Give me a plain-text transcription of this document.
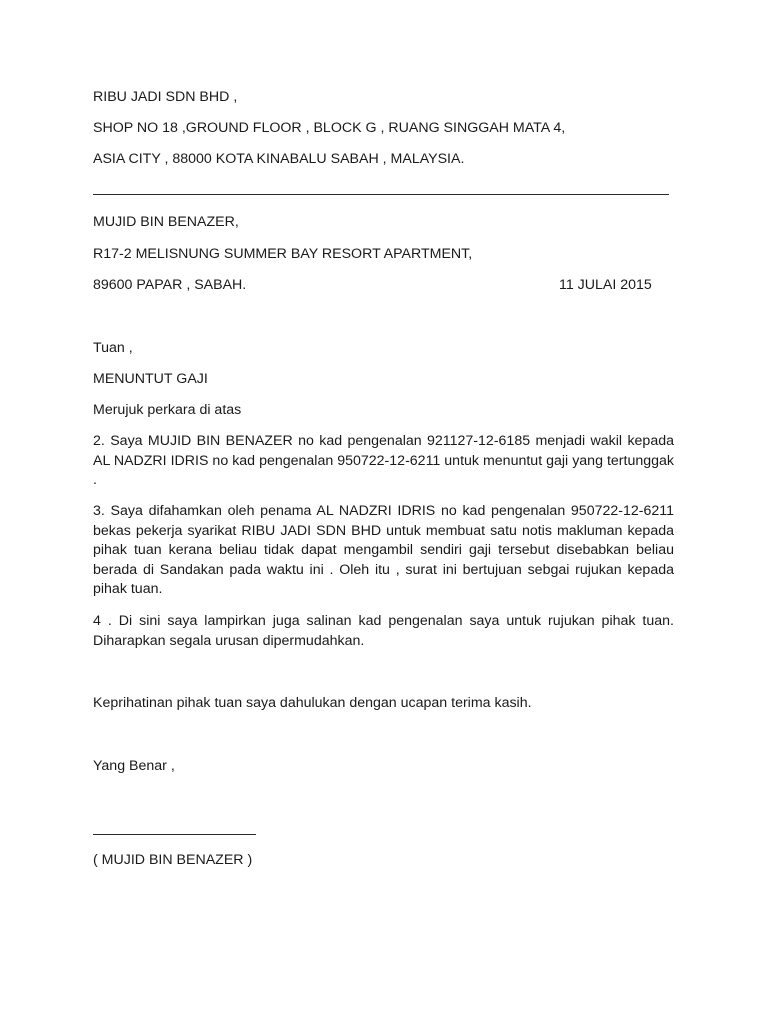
RIBU JADI SDN BHD ,
SHOP NO 18 ,GROUND FLOOR , BLOCK G , RUANG SINGGAH MATA 4,
ASIA CITY , 88000 KOTA KINABALU SABAH , MALAYSIA.
MUJID BIN BENAZER,
R17-2 MELISNUNG SUMMER BAY RESORT APARTMENT,
89600 PAPAR , SABAH.	11 JULAI 2015
Tuan ,
MENUNTUT GAJI
Merujuk perkara di atas
2. Saya MUJID BIN BENAZER no kad pengenalan 921127-12-6185 menjadi wakil kepada AL NADZRI IDRIS no kad pengenalan 950722-12-6211 untuk menuntut gaji yang tertunggak .
3. Saya difahamkan oleh penama AL NADZRI IDRIS no kad pengenalan 950722-12-6211 bekas pekerja syarikat RIBU JADI SDN BHD untuk membuat satu notis makluman kepada pihak tuan kerana beliau tidak dapat mengambil sendiri gaji tersebut disebabkan beliau berada di Sandakan pada waktu ini . Oleh itu , surat ini bertujuan sebgai rujukan kepada pihak tuan.
4 . Di sini saya lampirkan juga salinan kad pengenalan saya untuk rujukan pihak tuan. Diharapkan segala urusan dipermudahkan.
Keprihatinan pihak tuan saya dahulukan dengan ucapan terima kasih.
Yang Benar ,
( MUJID BIN BENAZER )
